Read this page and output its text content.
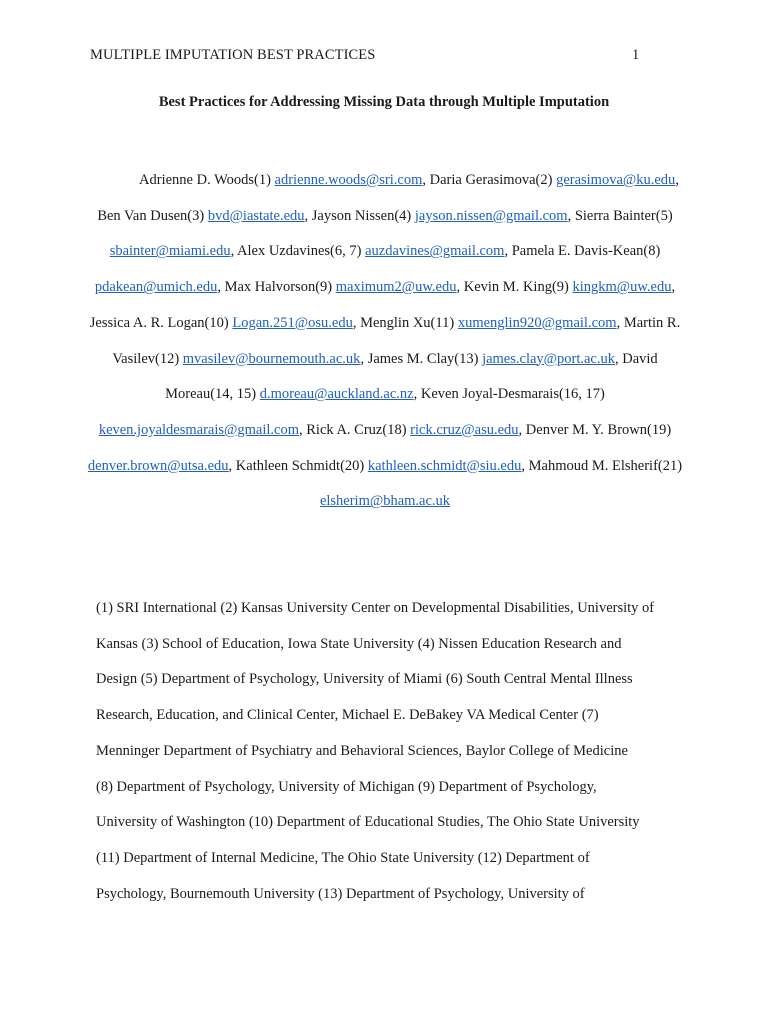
MULTIPLE IMPUTATION BEST PRACTICES	1
Best Practices for Addressing Missing Data through Multiple Imputation
Adrienne D. Woods(1) adrienne.woods@sri.com, Daria Gerasimova(2) gerasimova@ku.edu, Ben Van Dusen(3) bvd@iastate.edu, Jayson Nissen(4) jayson.nissen@gmail.com, Sierra Bainter(5) sbainter@miami.edu, Alex Uzdavines(6, 7) auzdavines@gmail.com, Pamela E. Davis-Kean(8) pdakean@umich.edu, Max Halvorson(9) maximum2@uw.edu, Kevin M. King(9) kingkm@uw.edu, Jessica A. R. Logan(10) Logan.251@osu.edu, Menglin Xu(11) xumenglin920@gmail.com, Martin R. Vasilev(12) mvasilev@bournemouth.ac.uk, James M. Clay(13) james.clay@port.ac.uk, David Moreau(14, 15) d.moreau@auckland.ac.nz, Keven Joyal-Desmarais(16, 17) keven.joyaldesmarais@gmail.com, Rick A. Cruz(18) rick.cruz@asu.edu, Denver M. Y. Brown(19) denver.brown@utsa.edu, Kathleen Schmidt(20) kathleen.schmidt@siu.edu, Mahmoud M. Elsherif(21) elsherim@bham.ac.uk
(1) SRI International (2) Kansas University Center on Developmental Disabilities, University of
Kansas (3) School of Education, Iowa State University (4) Nissen Education Research and
Design (5) Department of Psychology, University of Miami (6) South Central Mental Illness
Research, Education, and Clinical Center, Michael E. DeBakey VA Medical Center (7)
Menninger Department of Psychiatry and Behavioral Sciences, Baylor College of Medicine
(8) Department of Psychology, University of Michigan (9) Department of Psychology,
University of Washington (10) Department of Educational Studies, The Ohio State University
(11) Department of Internal Medicine, The Ohio State University (12) Department of
Psychology, Bournemouth University (13) Department of Psychology, University of
